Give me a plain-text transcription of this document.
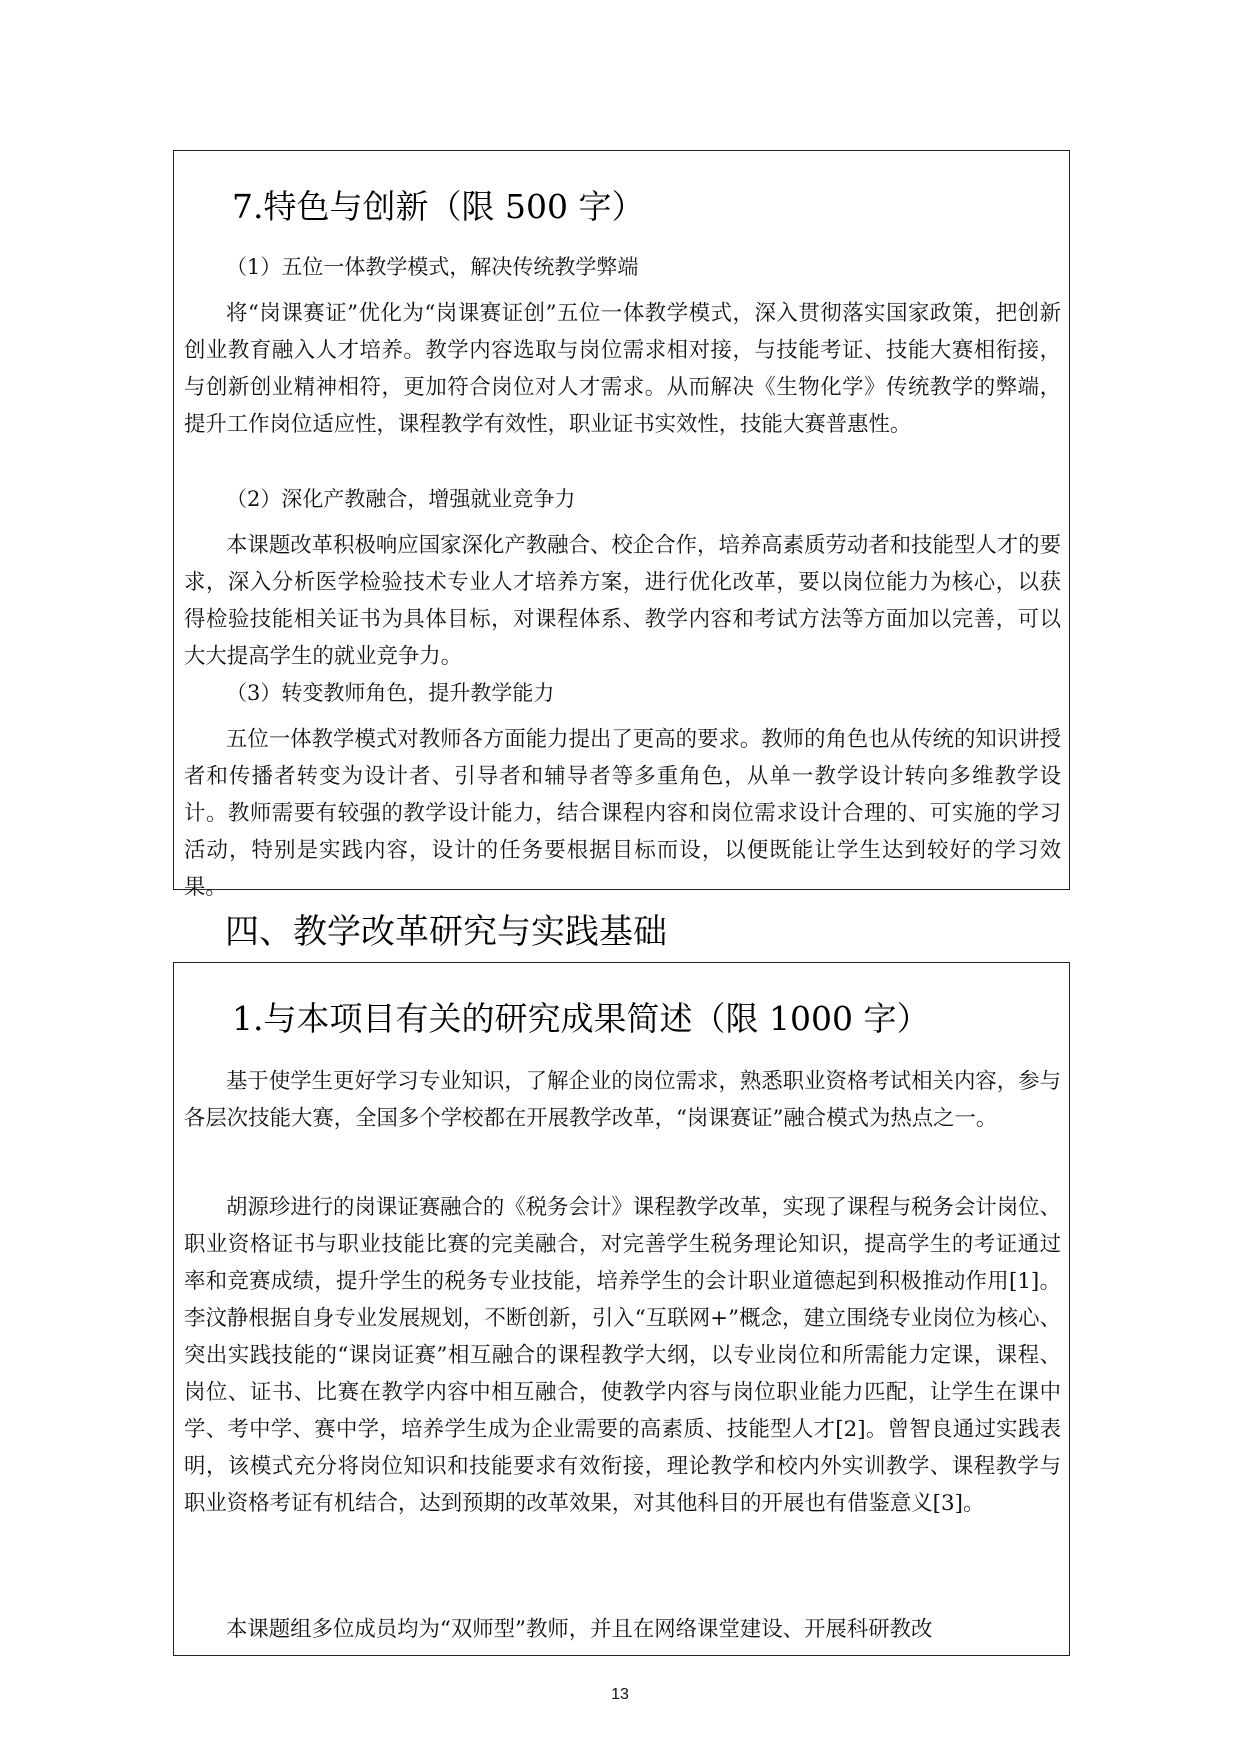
7.特色与创新（限 500 字）
（1）五位一体教学模式，解决传统教学弊端

将“岗课赛证”优化为“岗课赛证创”五位一体教学模式，深入贯彻落实国家政策，把创新创业教育融入人才培养。教学内容选取与岗位需求相对接，与技能考证、技能大赛相衔接，与创新创业精神相符，更加符合岗位对人才需求。从而解决《生物化学》传统教学的弊端，提升工作岗位适应性，课程教学有效性，职业证书实效性，技能大赛普惠性。

（2）深化产教融合，增强就业竞争力

本课题改革积极响应国家深化产教融合、校企合作，培养高素质劳动者和技能型人才的要求，深入分析医学检验技术专业人才培养方案，进行优化改革，要以岗位能力为核心，以获得检验技能相关证书为具体目标，对课程体系、教学内容和考试方法等方面加以完善，可以大大提高学生的就业竞争力。

（3）转变教师角色，提升教学能力

五位一体教学模式对教师各方面能力提出了更高的要求。教师的角色也从传统的知识讲授者和传播者转变为设计者、引导者和辅导者等多重角色，从单一教学设计转向多维教学设计。教师需要有较强的教学设计能力，结合课程内容和岗位需求设计合理的、可实施的学习活动，特别是实践内容，设计的任务要根据目标而设，以便既能让学生达到较好的学习效果。

四、教学改革研究与实践基础
1.与本项目有关的研究成果简述（限 1000 字）

基于使学生更好学习专业知识，了解企业的岗位需求，熟悉职业资格考试相关内容，参与各层次技能大赛，全国多个学校都在开展教学改革，“岗课赛证”融合模式为热点之一。

胡源珍进行的岗课证赛融合的《税务会计》课程教学改革，实现了课程与税务会计岗位、职业资格证书与职业技能比赛的完美融合，对完善学生税务理论知识，提高学生的考证通过率和竞赛成绩，提升学生的税务专业技能，培养学生的会计职业道德起到积极推动作用[1]。李汶静根据自身专业发展规划，不断创新，引入“互联网+”概念，建立围绕专业岗位为核心、突出实践技能的“课岗证赛”相互融合的课程教学大纲，以专业岗位和所需能力定课，课程、岗位、证书、比赛在教学内容中相互融合，使教学内容与岗位职业能力匹配，让学生在课中学、考中学、赛中学，培养学生成为企业需要的高素质、技能型人才[2]。曾智良通过实践表明，该模式充分将岗位知识和技能要求有效衔接，理论教学和校内外实训教学、课程教学与职业资格考证有机结合，达到预期的改革效果，对其他科目的开展也有借鉴意义[3]。

本课题组多位成员均为“双师型”教师，并且在网络课堂建设、开展科研教改

13
